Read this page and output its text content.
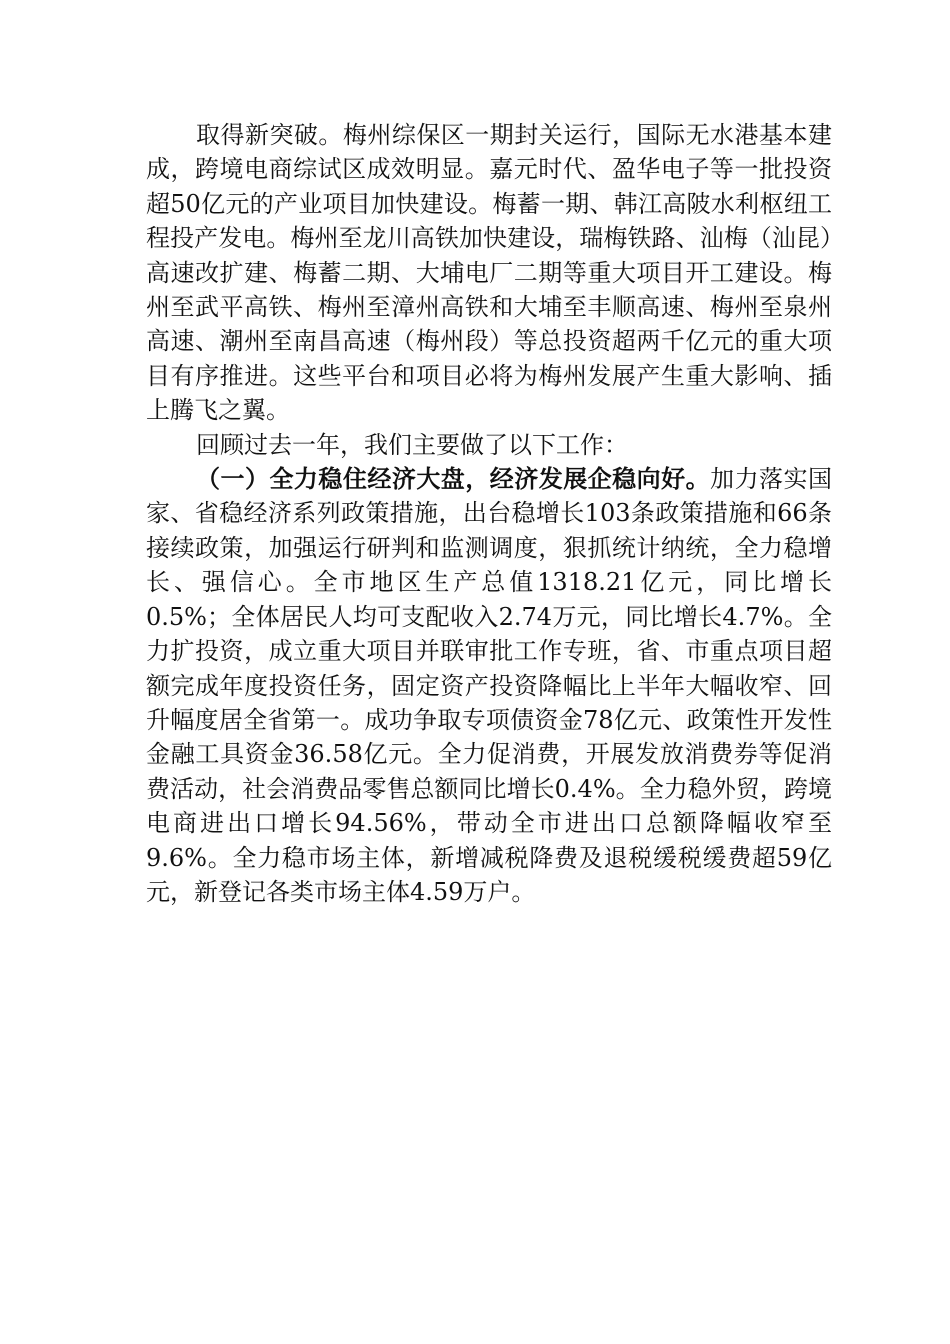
取得新突破。梅州综保区一期封关运行，国际无水港基本建成，跨境电商综试区成效明显。嘉元时代、盈华电子等一批投资超50亿元的产业项目加快建设。梅蓄一期、韩江高陂水利枢纽工程投产发电。梅州至龙川高铁加快建设，瑞梅铁路、汕梅（汕昆）高速改扩建、梅蓄二期、大埔电厂二期等重大项目开工建设。梅州至武平高铁、梅州至漳州高铁和大埔至丰顺高速、梅州至泉州高速、潮州至南昌高速（梅州段）等总投资超两千亿元的重大项目有序推进。这些平台和项目必将为梅州发展产生重大影响、插上腾飞之翼。

回顾过去一年，我们主要做了以下工作：

（一）全力稳住经济大盘，经济发展企稳向好。加力落实国家、省稳经济系列政策措施，出台稳增长103条政策措施和66条接续政策，加强运行研判和监测调度，狠抓统计纳统，全力稳增长、强信心。全市地区生产总值1318.21亿元，同比增长0.5%；全体居民人均可支配收入2.74万元，同比增长4.7%。全力扩投资，成立重大项目并联审批工作专班，省、市重点项目超额完成年度投资任务，固定资产投资降幅比上半年大幅收窄、回升幅度居全省第一。成功争取专项债资金78亿元、政策性开发性金融工具资金36.58亿元。全力促消费，开展发放消费券等促消费活动，社会消费品零售总额同比增长0.4%。全力稳外贸，跨境电商进出口增长94.56%，带动全市进出口总额降幅收窄至9.6%。全力稳市场主体，新增减税降费及退税缓税缓费超59亿元，新登记各类市场主体4.59万户。
